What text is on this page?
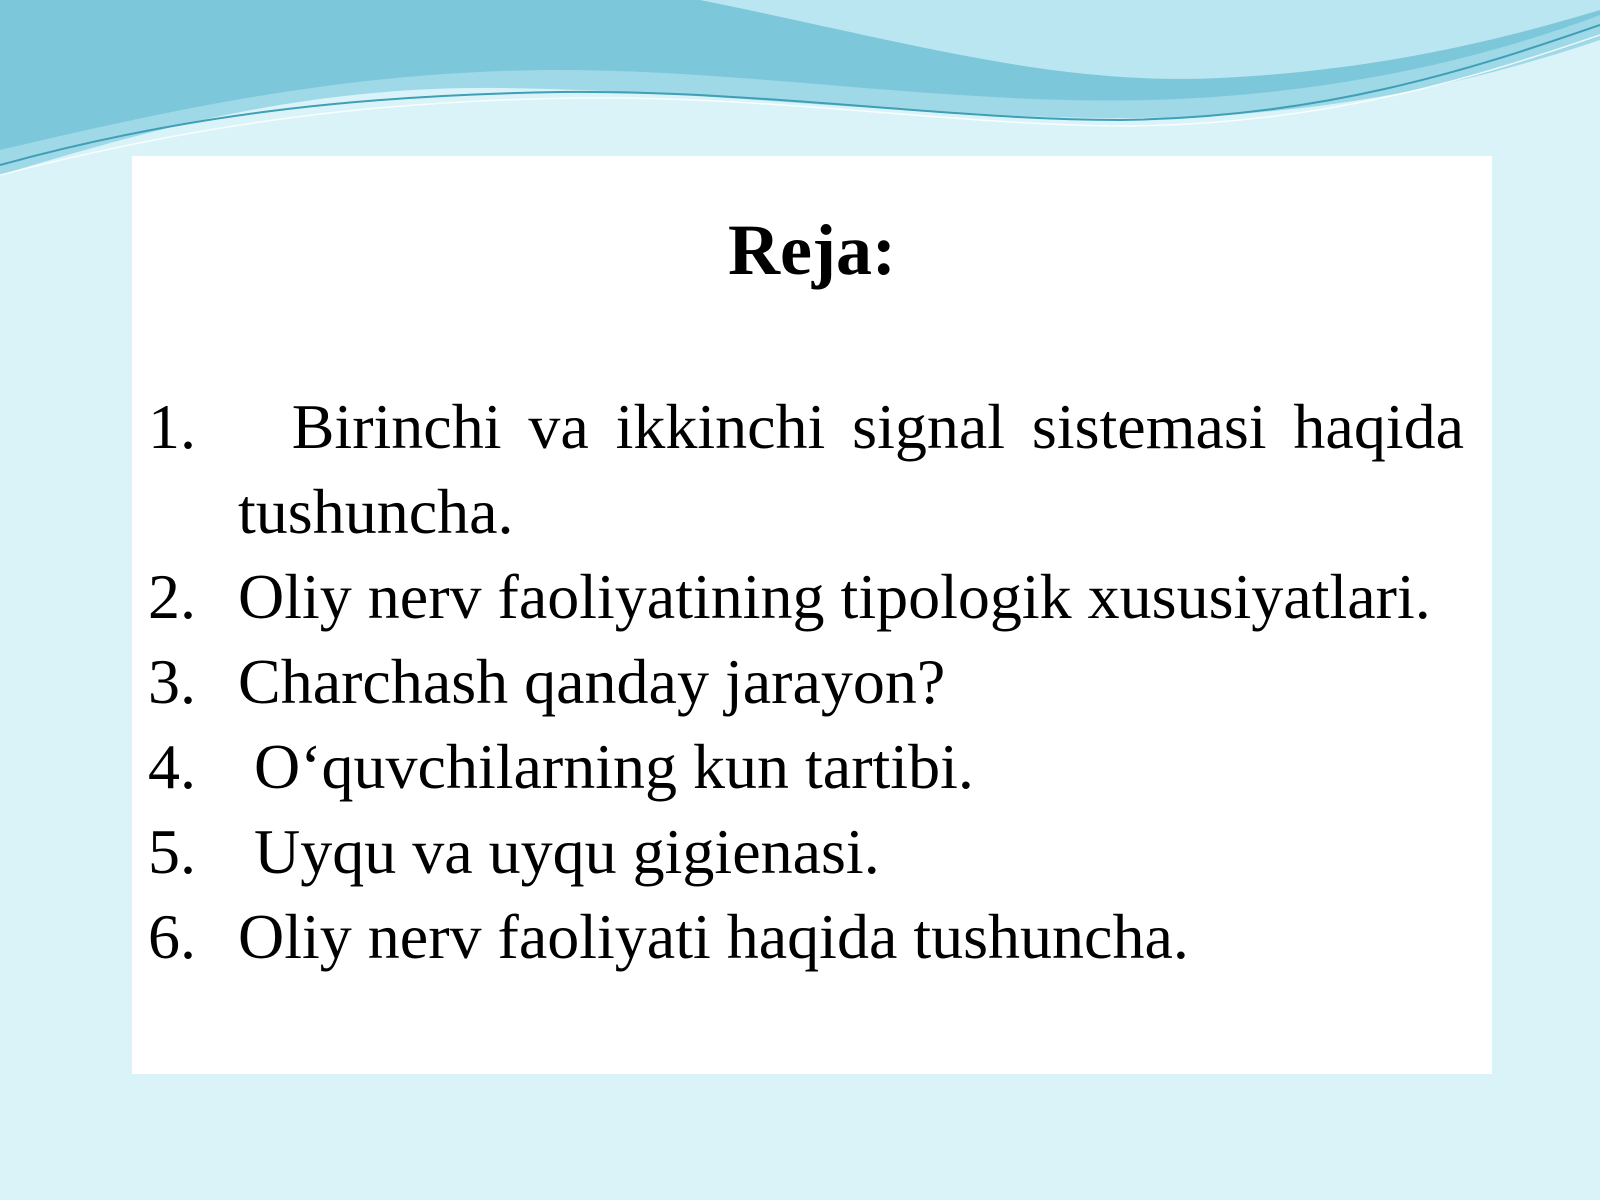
Reja:
1. Birinchi va ikkinchi signal sistemasi haqida tushuncha.
2. Oliy nerv faoliyatining tipologik xususiyatlari.
3. Charchash qanday jarayon?
4. O‘quvchilarning kun tartibi.
5. Uyqu va uyqu gigienasi.
6. Oliy nerv faoliyati haqida tushuncha.
